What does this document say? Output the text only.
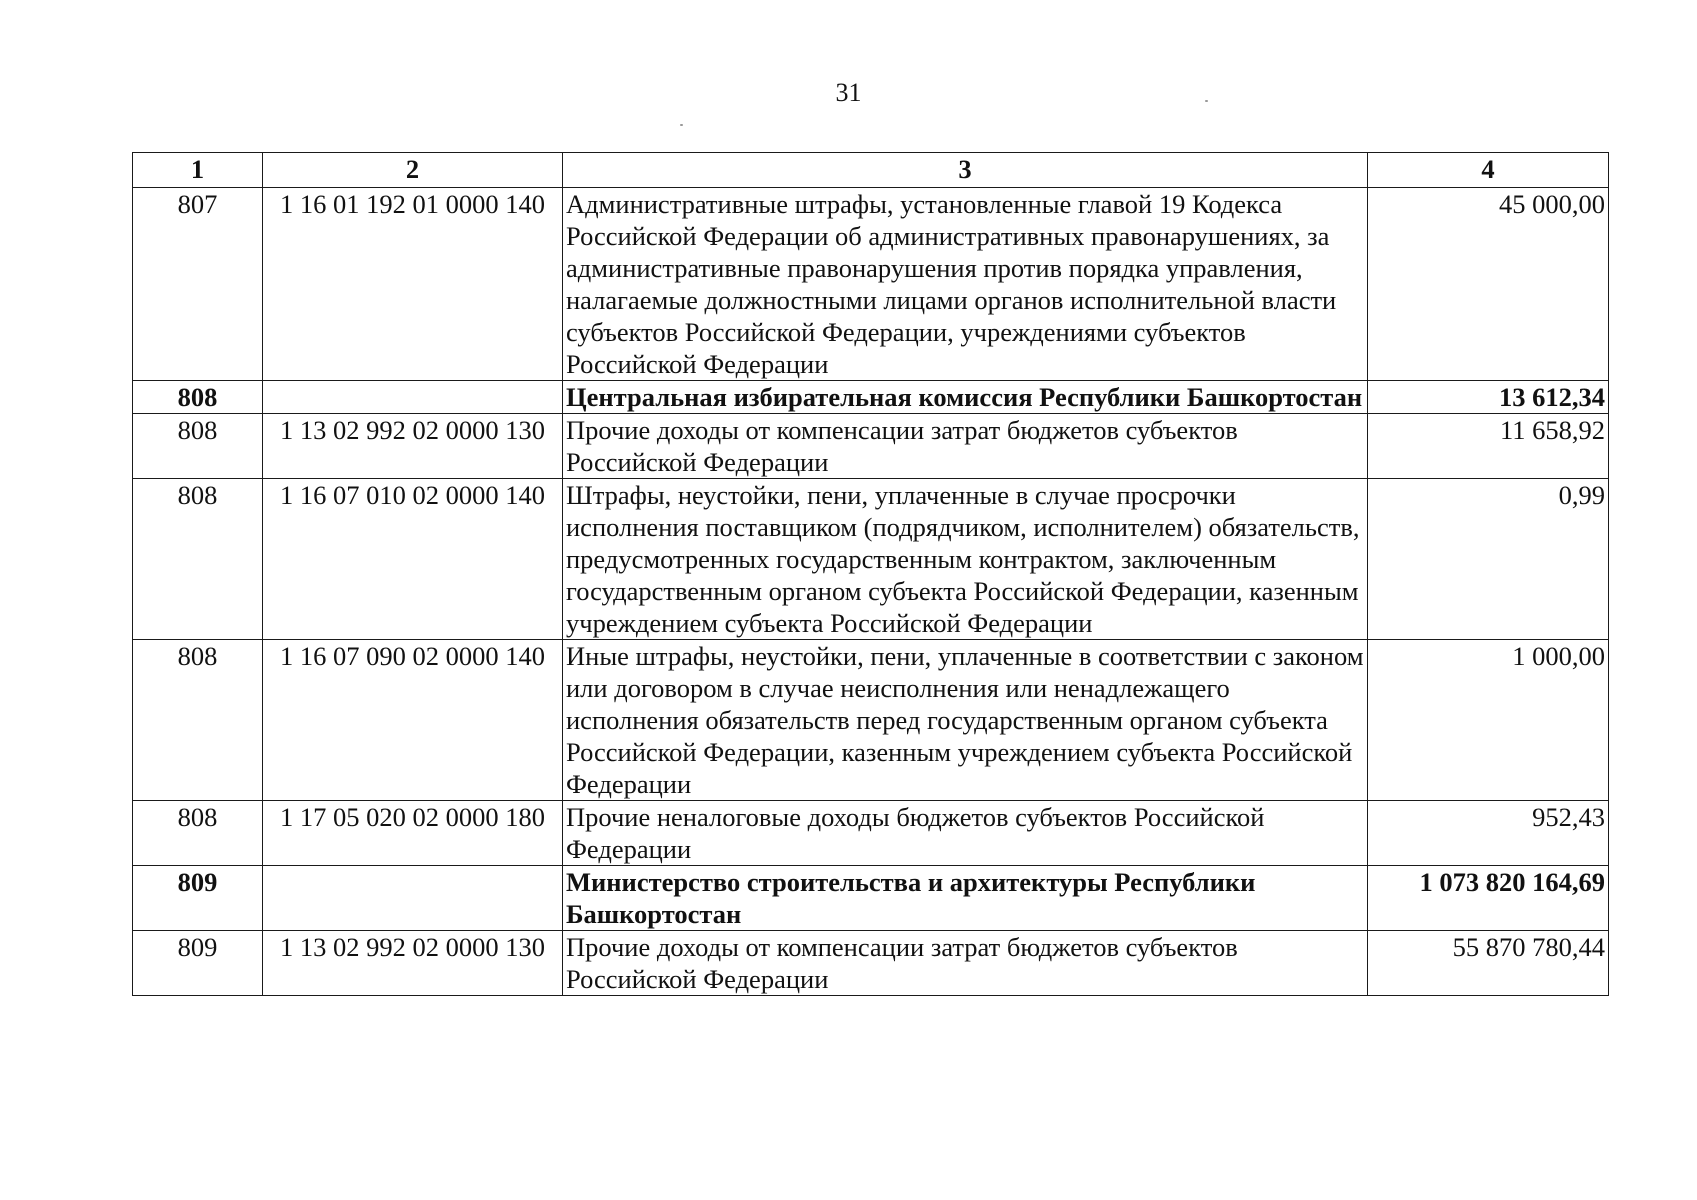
31
1	2	3	4
807	1 16 01 192 01 0000 140	Административные штрафы, установленные главой 19 Кодекса Российской Федерации об административных правонарушениях, за административные правонарушения против порядка управления, налагаемые должностными лицами органов исполнительной власти субъектов Российской Федерации, учреждениями субъектов Российской Федерации	45 000,00
808		Центральная избирательная комиссия Республики Башкортостан	13 612,34
808	1 13 02 992 02 0000 130	Прочие доходы от компенсации затрат бюджетов субъектов Российской Федерации	11 658,92
808	1 16 07 010 02 0000 140	Штрафы, неустойки, пени, уплаченные в случае просрочки исполнения поставщиком (подрядчиком, исполнителем) обязательств, предусмотренных государственным контрактом, заключенным государственным органом субъекта Российской Федерации, казенным учреждением субъекта Российской Федерации	0,99
808	1 16 07 090 02 0000 140	Иные штрафы, неустойки, пени, уплаченные в соответствии с законом или договором в случае неисполнения или ненадлежащего исполнения обязательств перед государственным органом субъекта Российской Федерации, казенным учреждением субъекта Российской Федерации	1 000,00
808	1 17 05 020 02 0000 180	Прочие неналоговые доходы бюджетов субъектов Российской Федерации	952,43
809		Министерство строительства и архитектуры Республики Башкортостан	1 073 820 164,69
809	1 13 02 992 02 0000 130	Прочие доходы от компенсации затрат бюджетов субъектов Российской Федерации	55 870 780,44
